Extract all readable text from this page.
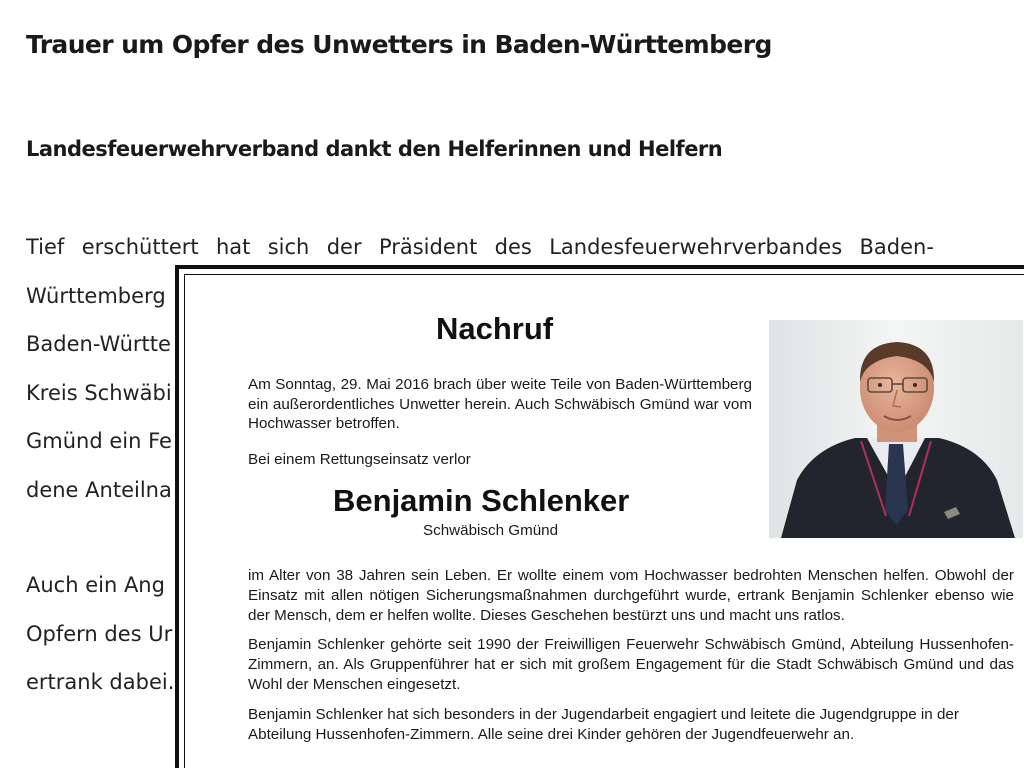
Trauer um Opfer des Unwetters in Baden-Württemberg
Landesfeuerwehrverband dankt den Helferinnen und Helfern
Tief erschüttert hat sich der Präsident des Landesfeuerwehrverbandes Baden-
Württemberg
Baden-Württe
Kreis Schwäbi
Gmünd ein Fe
dene Anteilna
Auch ein Ang
Opfern des Ur
ertrank dabei.
Nachruf
Am Sonntag, 29. Mai 2016 brach über weite Teile von Baden-Württemberg ein außerordentliches Unwetter herein. Auch Schwäbisch Gmünd war vom Hochwasser betroffen.
Bei einem Rettungseinsatz verlor
Benjamin Schlenker
Schwäbisch Gmünd

im Alter von 38 Jahren sein Leben. Er wollte einem vom Hochwasser bedrohten Menschen helfen. Obwohl der Einsatz mit allen nötigen Sicherungsmaßnahmen durchgeführt wurde, ertrank Benjamin Schlenker ebenso wie der Mensch, dem er helfen wollte. Dieses Geschehen bestürzt uns und macht uns ratlos.

Benjamin Schlenker gehörte seit 1990 der Freiwilligen Feuerwehr Schwäbisch Gmünd, Abteilung Hussenhofen-Zimmern, an. Als Gruppenführer hat er sich mit großem Engagement für die Stadt Schwäbisch Gmünd und das Wohl der Menschen eingesetzt.

Benjamin Schlenker hat sich besonders in der Jugendarbeit engagiert und leitete die Jugendgruppe in der Abteilung Hussenhofen-Zimmern. Alle seine drei Kinder gehören der Jugendfeuerwehr an.
